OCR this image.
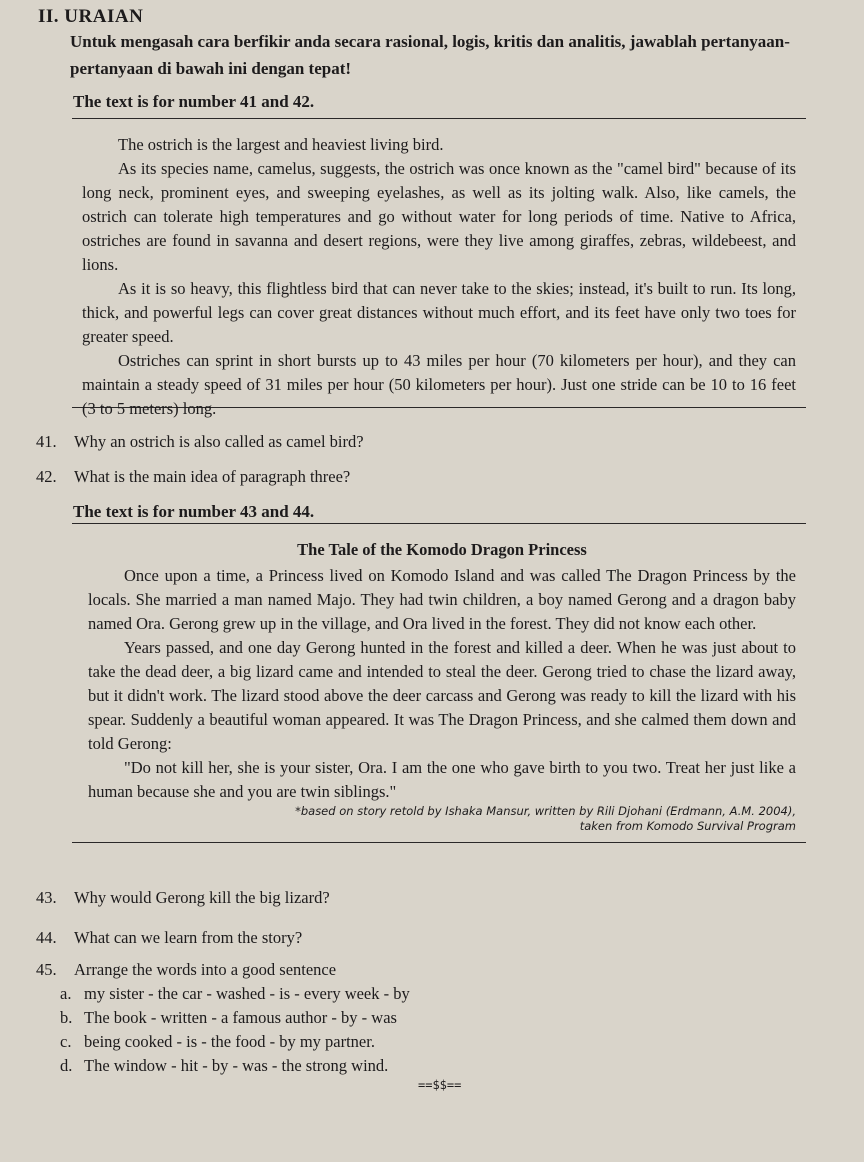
II. URAIAN
Untuk mengasah cara berfikir anda secara rasional, logis, kritis dan analitis, jawablah pertanyaan-pertanyaan di bawah ini dengan tepat!
The text is for number 41 and 42.

The ostrich is the largest and heaviest living bird.

As its species name, camelus, suggests, the ostrich was once known as the "camel bird" because of its long neck, prominent eyes, and sweeping eyelashes, as well as its jolting walk. Also, like camels, the ostrich can tolerate high temperatures and go without water for long periods of time. Native to Africa, ostriches are found in savanna and desert regions, were they live among giraffes, zebras, wildebeest, and lions.

As it is so heavy, this flightless bird that can never take to the skies; instead, it's built to run. Its long, thick, and powerful legs can cover great distances without much effort, and its feet have only two toes for greater speed.

Ostriches can sprint in short bursts up to 43 miles per hour (70 kilometers per hour), and they can maintain a steady speed of 31 miles per hour (50 kilometers per hour). Just one stride can be 10 to 16 feet (3 to 5 meters) long.

41. Why an ostrich is also called as camel bird?
42. What is the main idea of paragraph three?
The text is for number 43 and 44.
The Tale of the Komodo Dragon Princess

Once upon a time, a Princess lived on Komodo Island and was called The Dragon Princess by the locals. She married a man named Majo. They had twin children, a boy named Gerong and a dragon baby named Ora. Gerong grew up in the village, and Ora lived in the forest. They did not know each other.

Years passed, and one day Gerong hunted in the forest and killed a deer. When he was just about to take the dead deer, a big lizard came and intended to steal the deer. Gerong tried to chase the lizard away, but it didn't work. The lizard stood above the deer carcass and Gerong was ready to kill the lizard with his spear. Suddenly a beautiful woman appeared. It was The Dragon Princess, and she calmed them down and told Gerong:

"Do not kill her, she is your sister, Ora. I am the one who gave birth to you two. Treat her just like a human because she and you are twin siblings."

*based on story retold by Ishaka Mansur, written by Rili Djohani (Erdmann, A.M. 2004),
taken from Komodo Survival Program
43. Why would Gerong kill the big lizard?
44. What can we learn from the story?
45. Arrange the words into a good sentence
a. my sister - the car - washed - is - every week - by
b. The book - written - a famous author - by - was
c. being cooked - is - the food - by my partner.
d. The window - hit - by - was - the strong wind.
==$$==
